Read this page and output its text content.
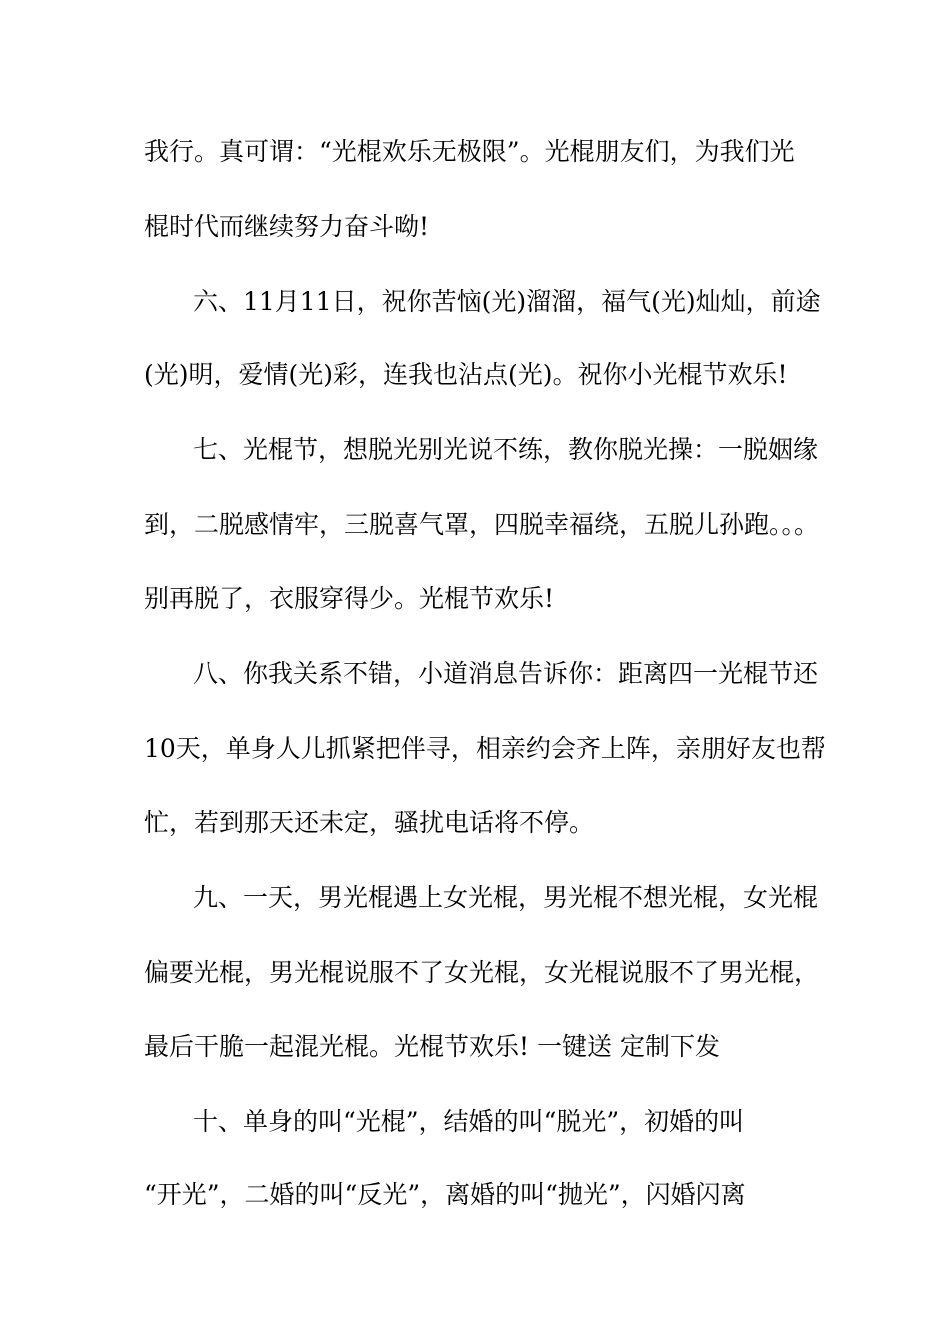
我行。真可谓：“光棍欢乐无极限”。光棍朋友们，为我们光
棍时代而继续努力奋斗呦!
六、11月11日，祝你苦恼(光)溜溜，福气(光)灿灿，前途
(光)明，爱情(光)彩，连我也沾点(光)。祝你小光棍节欢乐!
七、光棍节，想脱光别光说不练，教你脱光操：一脱姻缘
到，二脱感情牢，三脱喜气罩，四脱幸福绕，五脱儿孙跑。。。
别再脱了，衣服穿得少。光棍节欢乐!
八、你我关系不错，小道消息告诉你：距离四一光棍节还
10天，单身人儿抓紧把伴寻，相亲约会齐上阵，亲朋好友也帮
忙，若到那天还未定，骚扰电话将不停。
九、一天，男光棍遇上女光棍，男光棍不想光棍，女光棍
偏要光棍，男光棍说服不了女光棍，女光棍说服不了男光棍，
最后干脆一起混光棍。光棍节欢乐! 一键送 定制下发
十、单身的叫“光棍”，结婚的叫“脱光”，初婚的叫
“开光”，二婚的叫“反光”，离婚的叫“抛光”，闪婚闪离
